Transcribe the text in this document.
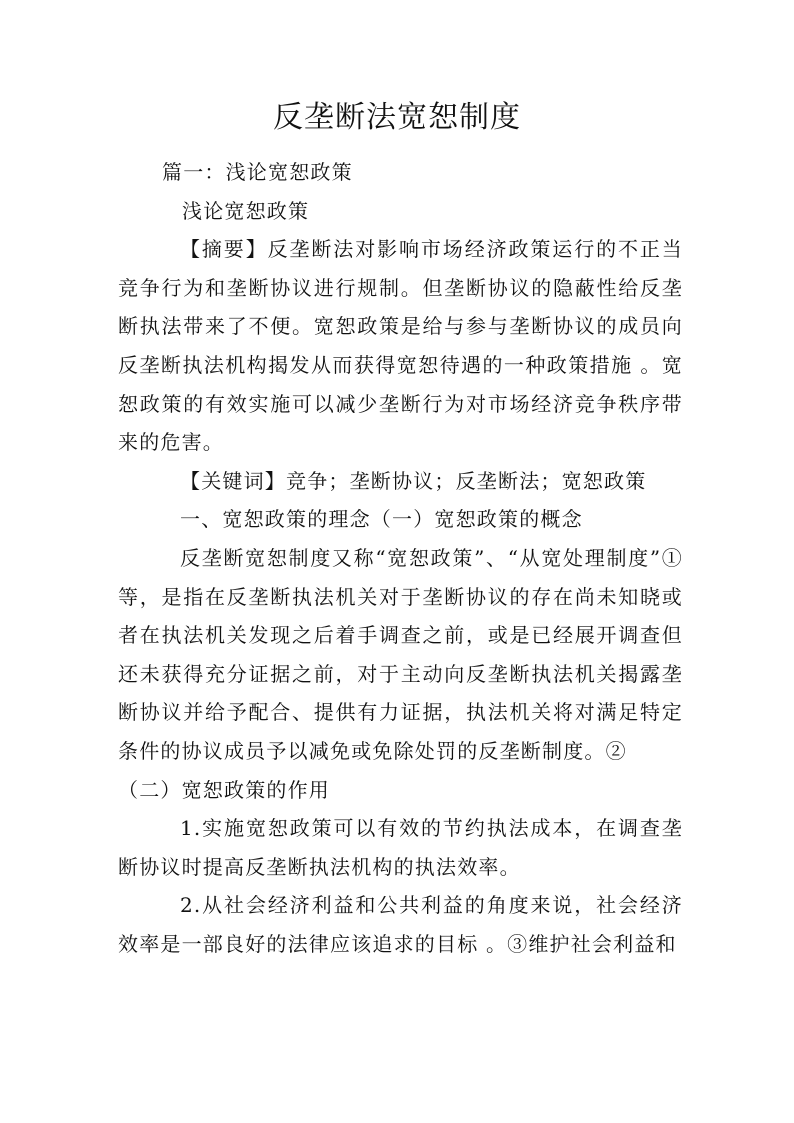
反垄断法宽恕制度

篇一：浅论宽恕政策

浅论宽恕政策

【摘要】反垄断法对影响市场经济政策运行的不正当竞争行为和垄断协议进行规制。但垄断协议的隐蔽性给反垄断执法带来了不便。宽恕政策是给与参与垄断协议的成员向反垄断执法机构揭发从而获得宽恕待遇的一种政策措施 。宽恕政策的有效实施可以减少垄断行为对市场经济竞争秩序带来的危害。

【关键词】竞争；垄断协议；反垄断法；宽恕政策

一、宽恕政策的理念（一）宽恕政策的概念

反垄断宽恕制度又称“宽恕政策”、“从宽处理制度”①等，是指在反垄断执法机关对于垄断协议的存在尚未知晓或者在执法机关发现之后着手调查之前，或是已经展开调查但还未获得充分证据之前，对于主动向反垄断执法机关揭露垄断协议并给予配合、提供有力证据，执法机关将对满足特定条件的协议成员予以减免或免除处罚的反垄断制度。②

（二）宽恕政策的作用

1.实施宽恕政策可以有效的节约执法成本，在调查垄断协议时提高反垄断执法机构的执法效率。

2.从社会经济利益和公共利益的角度来说，社会经济效率是一部良好的法律应该追求的目标 。③维护社会利益和
